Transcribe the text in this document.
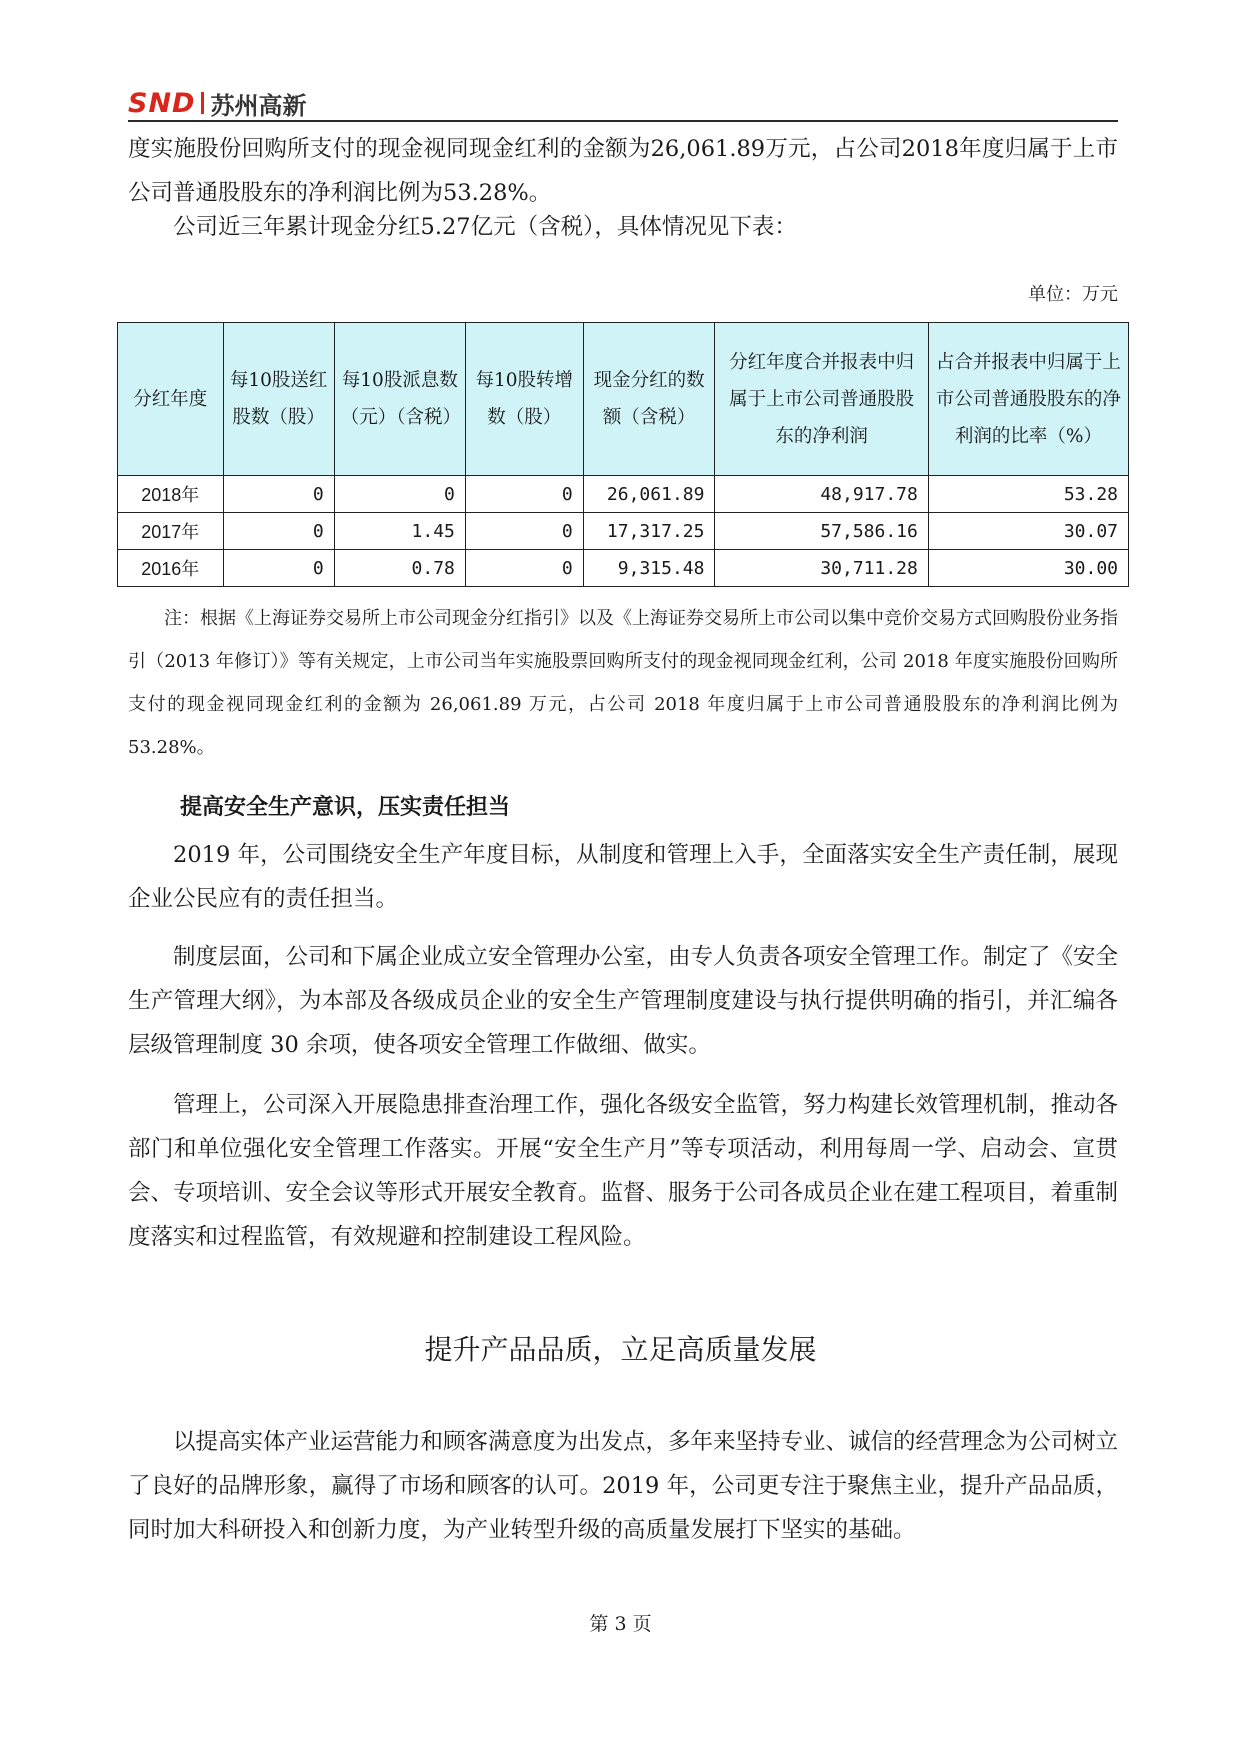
SND 苏州高新
度实施股份回购所支付的现金视同现金红利的金额为26,061.89万元，占公司2018年度归属于上市公司普通股股东的净利润比例为53.28%。
公司近三年累计现金分红5.27亿元（含税），具体情况见下表：
单位：万元
分红年度	每10股送红股数（股）	每10股派息数（元）（含税）	每10股转增数（股）	现金分红的数额（含税）	分红年度合并报表中归属于上市公司普通股股东的净利润	占合并报表中归属于上市公司普通股股东的净利润的比率（%）
2018年	0	0	0	26,061.89	48,917.78	53.28
2017年	0	1.45	0	17,317.25	57,586.16	30.07
2016年	0	0.78	0	9,315.48	30,711.28	30.00
注：根据《上海证券交易所上市公司现金分红指引》以及《上海证券交易所上市公司以集中竞价交易方式回购股份业务指引（2013 年修订）》等有关规定，上市公司当年实施股票回购所支付的现金视同现金红利，公司 2018 年度实施股份回购所支付的现金视同现金红利的金额为 26,061.89 万元，占公司 2018 年度归属于上市公司普通股股东的净利润比例为 53.28%。
提高安全生产意识，压实责任担当
2019 年，公司围绕安全生产年度目标，从制度和管理上入手，全面落实安全生产责任制，展现企业公民应有的责任担当。
制度层面，公司和下属企业成立安全管理办公室，由专人负责各项安全管理工作。制定了《安全生产管理大纲》，为本部及各级成员企业的安全生产管理制度建设与执行提供明确的指引，并汇编各层级管理制度 30 余项，使各项安全管理工作做细、做实。
管理上，公司深入开展隐患排查治理工作，强化各级安全监管，努力构建长效管理机制，推动各部门和单位强化安全管理工作落实。开展“安全生产月”等专项活动，利用每周一学、启动会、宣贯会、专项培训、安全会议等形式开展安全教育。监督、服务于公司各成员企业在建工程项目，着重制度落实和过程监管，有效规避和控制建设工程风险。
提升产品品质，立足高质量发展
以提高实体产业运营能力和顾客满意度为出发点，多年来坚持专业、诚信的经营理念为公司树立了良好的品牌形象，赢得了市场和顾客的认可。2019 年，公司更专注于聚焦主业，提升产品品质，同时加大科研投入和创新力度，为产业转型升级的高质量发展打下坚实的基础。
第 3 页
